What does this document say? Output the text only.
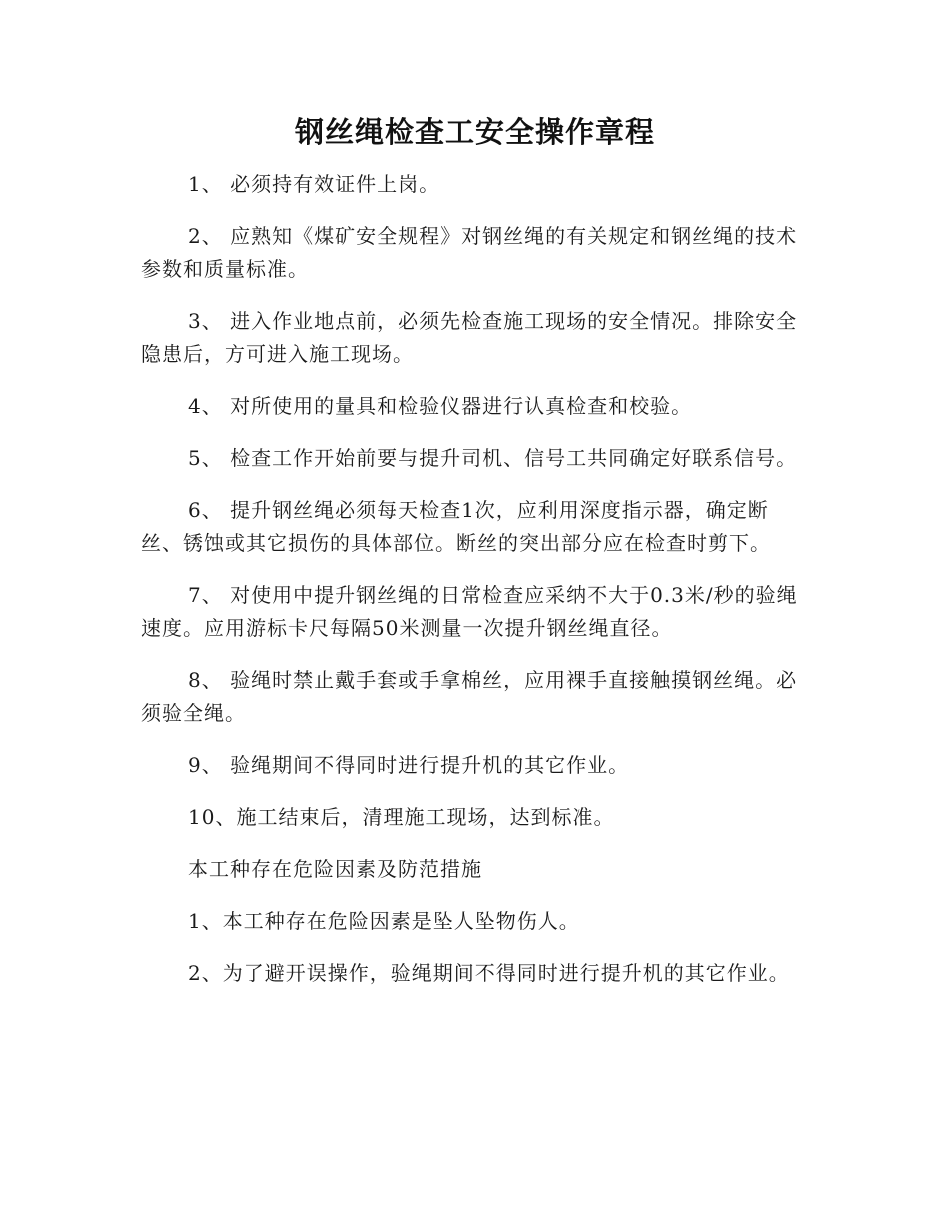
钢丝绳检查工安全操作章程

1、 必须持有效证件上岗。

2、 应熟知《煤矿安全规程》对钢丝绳的有关规定和钢丝绳的技术参数和质量标准。

3、 进入作业地点前，必须先检查施工现场的安全情况。排除安全隐患后，方可进入施工现场。

4、 对所使用的量具和检验仪器进行认真检查和校验。

5、 检查工作开始前要与提升司机、信号工共同确定好联系信号。

6、 提升钢丝绳必须每天检查1次，应利用深度指示器，确定断丝、锈蚀或其它损伤的具体部位。断丝的突出部分应在检查时剪下。

7、 对使用中提升钢丝绳的日常检查应采纳不大于0.3米/秒的验绳速度。应用游标卡尺每隔50米测量一次提升钢丝绳直径。

8、 验绳时禁止戴手套或手拿棉丝，应用裸手直接触摸钢丝绳。必须验全绳。

9、 验绳期间不得同时进行提升机的其它作业。

10、施工结束后，清理施工现场，达到标准。

本工种存在危险因素及防范措施

1、本工种存在危险因素是坠人坠物伤人。

2、为了避开误操作，验绳期间不得同时进行提升机的其它作业。
